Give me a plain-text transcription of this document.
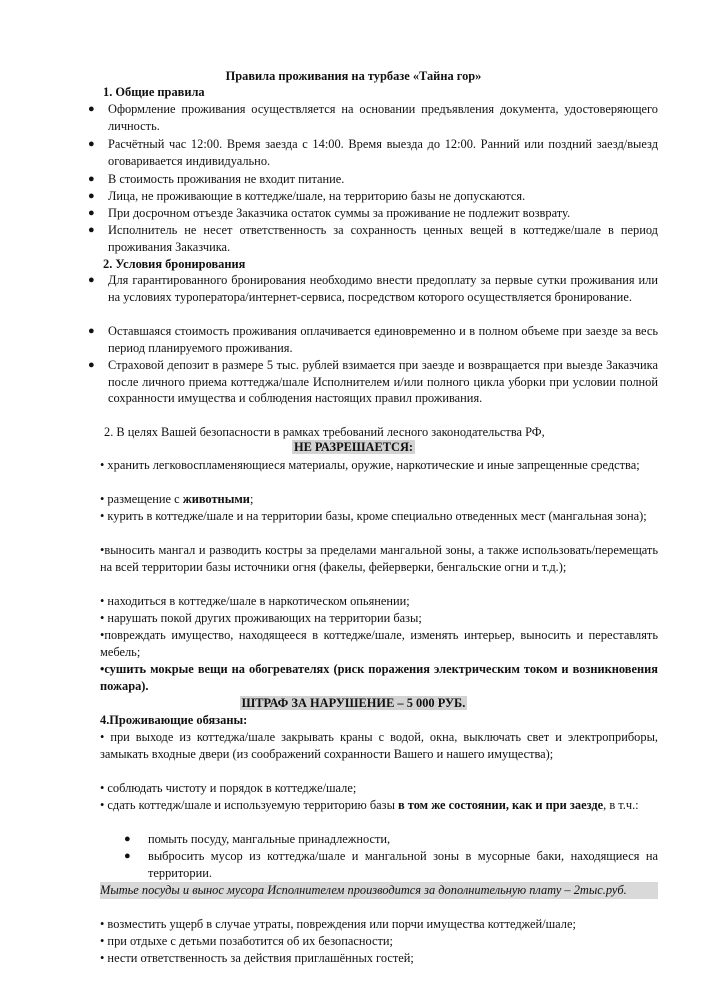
Правила проживания на турбазе «Тайна гор»
1. Общие правила
● Оформление проживания осуществляется на основании предъявления документа, удостоверяющего личность.
● Расчётный час 12:00. Время заезда с 14:00. Время выезда до 12:00. Ранний или поздний заезд/выезд оговаривается индивидуально.
● В стоимость проживания не входит питание.
● Лица, не проживающие в коттедже/шале, на территорию базы не допускаются.
● При досрочном отъезде Заказчика остаток суммы за проживание не подлежит возврату.
● Исполнитель не несет ответственность за сохранность ценных вещей в коттедже/шале в период проживания Заказчика.
2. Условия бронирования
● Для гарантированного бронирования необходимо внести предоплату за первые сутки проживания или на условиях туроператора/интернет-сервиса, посредством которого осуществляется бронирование.
● Оставшаяся стоимость проживания оплачивается единовременно и в полном объеме при заезде за весь период планируемого проживания.
● Страховой депозит в размере 5 тыс. рублей взимается при заезде и возвращается при выезде Заказчика после личного приема коттеджа/шале Исполнителем и/или полного цикла уборки при условии полной сохранности имущества и соблюдения настоящих правил проживания.
2. В целях Вашей безопасности в рамках требований лесного законодательства РФ,
НЕ РАЗРЕШАЕТСЯ:
• хранить легковоспламеняющиеся материалы, оружие, наркотические и иные запрещенные средства;
• размещение с животными;
• курить в коттедже/шале и на территории базы, кроме специально отведенных мест (мангальная зона);
•выносить мангал и разводить костры за пределами мангальной зоны, а также использовать/перемещать на всей территории базы источники огня (факелы, фейерверки, бенгальские огни и т.д.);
• находиться в коттедже/шале в наркотическом опьянении;
• нарушать покой других проживающих на территории базы;
•повреждать имущество, находящееся в коттедже/шале, изменять интерьер, выносить и переставлять мебель;
•сушить мокрые вещи на обогревателях (риск поражения электрическим током и возникновения пожара).
ШТРАФ ЗА НАРУШЕНИЕ – 5 000 РУБ.
4.Проживающие обязаны:
• при выходе из коттеджа/шале закрывать краны с водой, окна, выключать свет и электроприборы, замыкать входные двери (из соображений сохранности Вашего и нашего имущества);
• соблюдать чистоту и порядок в коттедже/шале;
• сдать коттедж/шале и используемую территорию базы в том же состоянии, как и при заезде, в т.ч.:
● помыть посуду, мангальные принадлежности,
● выбросить мусор из коттеджа/шале и мангальной зоны в мусорные баки, находящиеся на территории.
Мытье посуды и вынос мусора Исполнителем производится за дополнительную плату – 2тыс.руб.
• возместить ущерб в случае утраты, повреждения или порчи имущества коттеджей/шале;
• при отдыхе с детьми позаботится об их безопасности;
• нести ответственность за действия приглашённых гостей;
